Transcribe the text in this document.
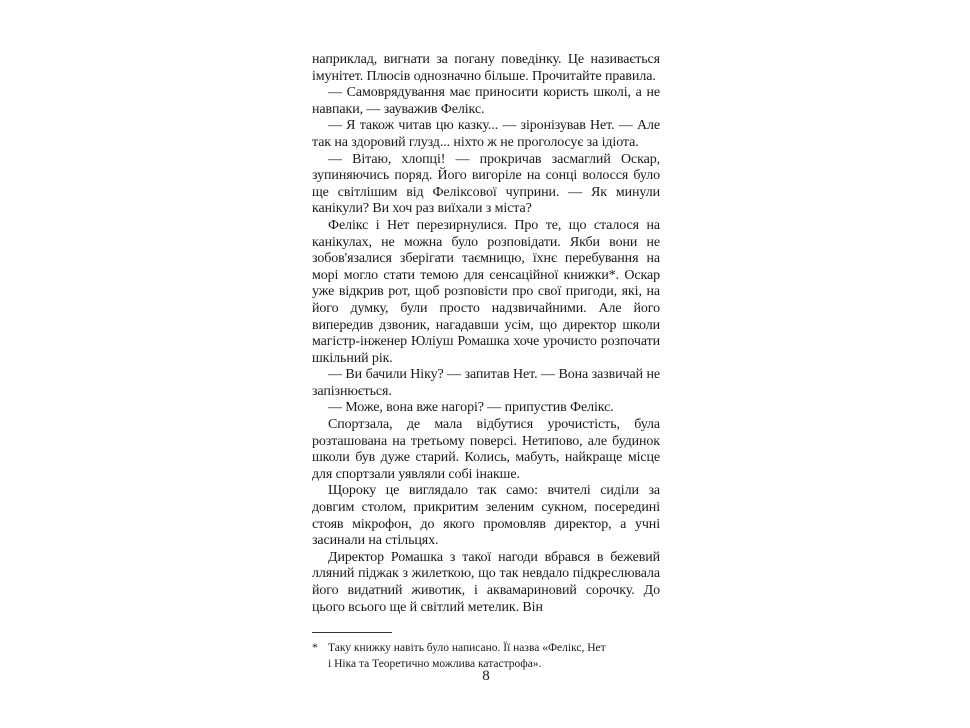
наприклад, вигнати за погану поведінку. Це називається імунітет. Плюсів однозначно більше. Прочитайте правила.

— Самоврядування має приносити користь школі, а не навпаки, — зауважив Фелікс.

— Я також читав цю казку... — зіронізував Нет. — Але так на здоровий глузд... ніхто ж не проголосує за ідіота.

— Вітаю, хлопці! — прокричав засмаглий Оскар, зупиняючись поряд. Його вигоріле на сонці волосся було ще світлішим від Феліксової чуприни. — Як минули канікули? Ви хоч раз виїхали з міста?

Фелікс і Нет перезирнулися. Про те, що сталося на канікулах, не можна було розповідати. Якби вони не зобов'язалися зберігати таємницю, їхнє перебування на морі могло стати темою для сенсаційної книжки*. Оскар уже відкрив рот, щоб розповісти про свої пригоди, які, на його думку, були просто надзвичайними. Але його випередив дзвоник, нагадавши усім, що директор школи магістр-інженер Юліуш Ромашка хоче урочисто розпочати шкільний рік.

— Ви бачили Ніку? — запитав Нет. — Вона зазвичай не запізнюється.

— Може, вона вже нагорі? — припустив Фелікс.

Спортзала, де мала відбутися урочистість, була розташована на третьому поверсі. Нетипово, але будинок школи був дуже старий. Колись, мабуть, найкраще місце для спортзали уявляли собі інакше.

Щороку це виглядало так само: вчителі сиділи за довгим столом, прикритим зеленим сукном, посередині стояв мікрофон, до якого промовляв директор, а учні засинали на стільцях.

Директор Ромашка з такої нагоди вбрався в бежевий лляний піджак з жилеткою, що так невдало підкреслювала його видатний животик, і аквамариновий сорочку. До цього всього ще й світлий метелик. Він

* Таку книжку навіть було написано. Її назва «Фелікс, Нет
і Ніка та Теоретично можлива катастрофа».
8
